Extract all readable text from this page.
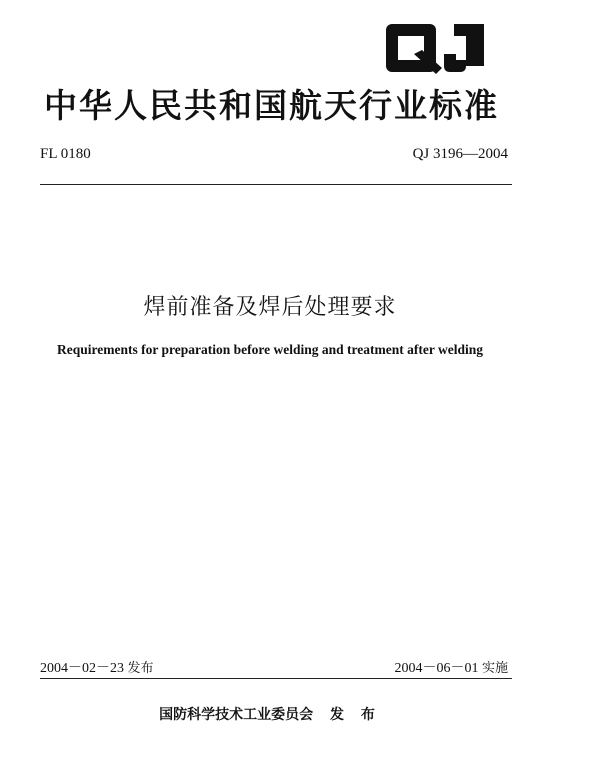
中华人民共和国航天行业标准
FL 0180	QJ 3196—2004
焊前准备及焊后处理要求
Requirements for preparation before welding and treatment after welding
2004－02－23 发布	2004－06－01 实施
国防科学技术工业委员会 发 布
